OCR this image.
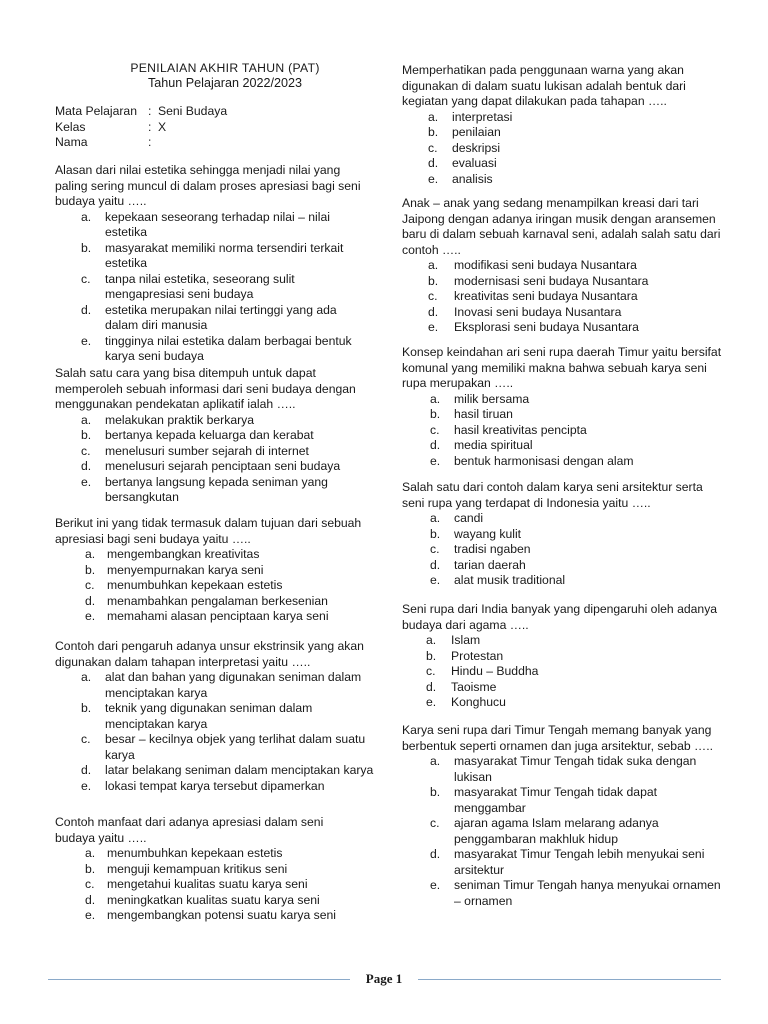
PENILAIAN AKHIR TAHUN (PAT)
Tahun Pelajaran 2022/2023
Mata Pelajaran : Seni Budaya
Kelas	: X
Nama	:

Alasan dari nilai estetika sehingga menjadi nilai yang paling sering muncul di dalam proses apresiasi bagi seni budaya yaitu …..

a.	kepekaan seseorang terhadap nilai – nilai estetika
b.	masyarakat memiliki norma tersendiri terkait estetika
c.	tanpa nilai estetika, seseorang sulit mengapresiasi seni budaya
d.	estetika merupakan nilai tertinggi yang ada dalam diri manusia
e.	tingginya nilai estetika dalam berbagai bentuk karya seni budaya

Salah satu cara yang bisa ditempuh untuk dapat memperoleh sebuah informasi dari seni budaya dengan menggunakan pendekatan aplikatif ialah …..

a.	melakukan praktik berkarya
b.	bertanya kepada keluarga dan kerabat
c.	menelusuri sumber sejarah di internet
d.	menelusuri sejarah penciptaan seni budaya
e.	bertanya langsung kepada seniman yang bersangkutan

Berikut ini yang tidak termasuk dalam tujuan dari sebuah apresiasi bagi seni budaya yaitu …..

a. mengembangkan kreativitas
b. menyempurnakan karya seni
c.	menumbuhkan kepekaan estetis
d. menambahkan pengalaman berkesenian
e. memahami alasan penciptaan karya seni

Contoh dari pengaruh adanya unsur ekstrinsik yang akan digunakan dalam tahapan interpretasi yaitu …..

a.	alat dan bahan yang digunakan seniman dalam menciptakan karya
b.	teknik yang digunakan seniman dalam menciptakan karya
c.	besar – kecilnya objek yang terlihat dalam suatu karya
d.	latar belakang seniman dalam menciptakan karya
e.	lokasi tempat karya tersebut dipamerkan

Contoh manfaat dari adanya apresiasi dalam seni budaya yaitu …..

a. menumbuhkan kepekaan estetis
b. menguji kemampuan kritikus seni
c.	mengetahui kualitas suatu karya seni
d. meningkatkan kualitas suatu karya seni
e. mengembangkan potensi suatu karya seni

Memperhatikan pada penggunaan warna yang akan digunakan di dalam suatu lukisan adalah bentuk dari kegiatan yang dapat dilakukan pada tahapan …..

a.	interpretasi
b.	penilaian
c.	deskripsi
d.	evaluasi
e.	analisis

Anak – anak yang sedang menampilkan kreasi dari tari Jaipong dengan adanya iringan musik dengan aransemen baru di dalam sebuah karnaval seni, adalah salah satu dari contoh …..

a.	modifikasi seni budaya Nusantara
b.	modernisasi seni budaya Nusantara
c.	kreativitas seni budaya Nusantara
d.	Inovasi seni budaya Nusantara
e.	Eksplorasi seni budaya Nusantara

Konsep keindahan ari seni rupa daerah Timur yaitu bersifat komunal yang memiliki makna bahwa sebuah karya seni rupa merupakan …..

a.	milik bersama
b.	hasil tiruan
c.	hasil kreativitas pencipta
d.	media spiritual
e.	bentuk harmonisasi dengan alam

Salah satu dari contoh dalam karya seni arsitektur serta seni rupa yang terdapat di Indonesia yaitu …..

a.	candi
b.	wayang kulit
c.	tradisi ngaben
d.	tarian daerah
e.	alat musik traditional

Seni rupa dari India banyak yang dipengaruhi oleh adanya budaya dari agama …..

a.	Islam
b.	Protestan
c.	Hindu – Buddha
d.	Taoisme
e.	Konghucu

Karya seni rupa dari Timur Tengah memang banyak yang berbentuk seperti ornamen dan juga arsitektur, sebab …..

a.	masyarakat Timur Tengah tidak suka dengan lukisan
b.	masyarakat Timur Tengah tidak dapat menggambar
c.	ajaran agama Islam melarang adanya penggambaran makhluk hidup
d.	masyarakat Timur Tengah lebih menyukai seni arsitektur
e.	seniman Timur Tengah hanya menyukai ornamen – ornamen
Page 1
